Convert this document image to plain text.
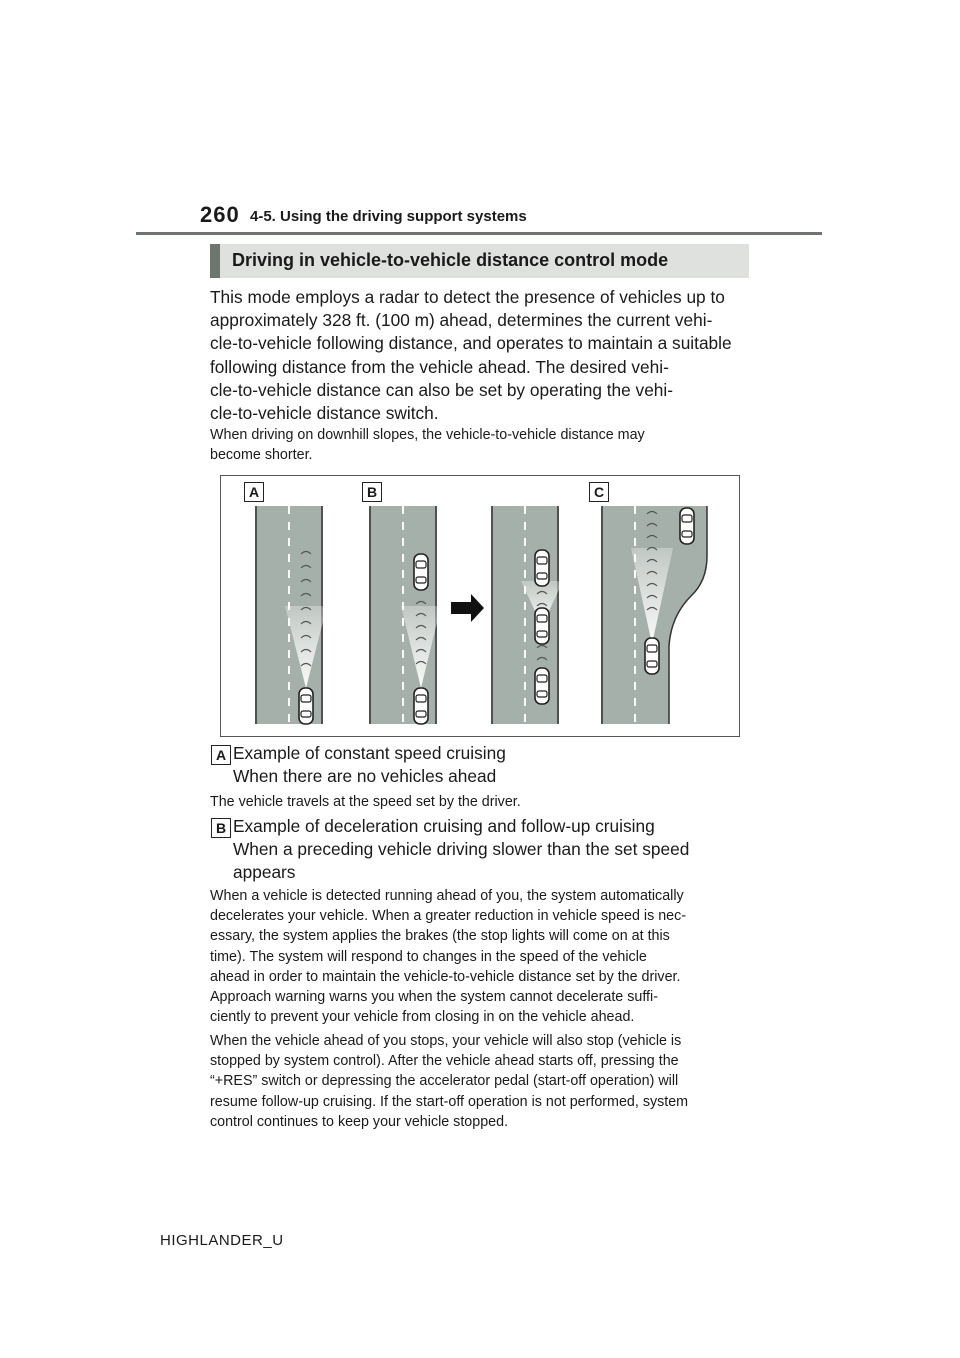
260 4-5. Using the driving support systems
Driving in vehicle-to-vehicle distance control mode
This mode employs a radar to detect the presence of vehicles up to
approximately 328 ft. (100 m) ahead, determines the current vehi-
cle-to-vehicle following distance, and operates to maintain a suitable
following distance from the vehicle ahead. The desired vehi-
cle-to-vehicle distance can also be set by operating the vehi-
cle-to-vehicle distance switch.
When driving on downhill slopes, the vehicle-to-vehicle distance may
become shorter.
A	B	C
A Example of constant speed cruising
When there are no vehicles ahead
The vehicle travels at the speed set by the driver.
B Example of deceleration cruising and follow-up cruising
When a preceding vehicle driving slower than the set speed
appears
When a vehicle is detected running ahead of you, the system automatically
decelerates your vehicle. When a greater reduction in vehicle speed is nec-
essary, the system applies the brakes (the stop lights will come on at this
time). The system will respond to changes in the speed of the vehicle
ahead in order to maintain the vehicle-to-vehicle distance set by the driver.
Approach warning warns you when the system cannot decelerate suffi-
ciently to prevent your vehicle from closing in on the vehicle ahead.
When the vehicle ahead of you stops, your vehicle will also stop (vehicle is
stopped by system control). After the vehicle ahead starts off, pressing the
“+RES” switch or depressing the accelerator pedal (start-off operation) will
resume follow-up cruising. If the start-off operation is not performed, system
control continues to keep your vehicle stopped.
HIGHLANDER_U
